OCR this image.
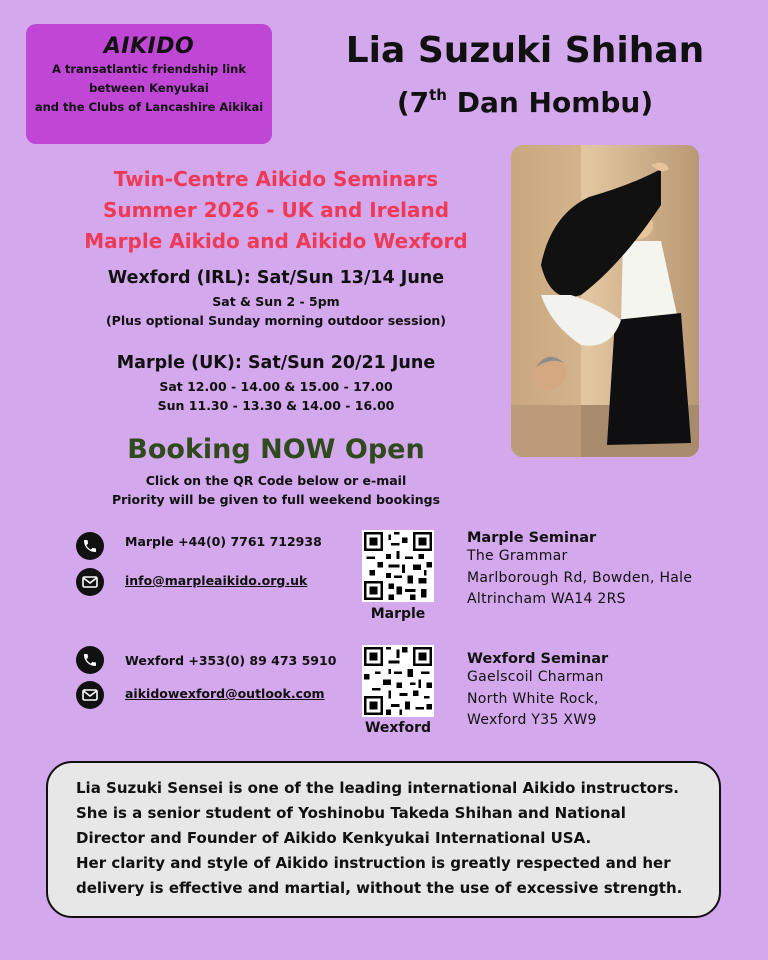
AIKIDO
A transatlantic friendship link
between Kenyukai
and the Clubs of Lancashire Aikikai
Lia Suzuki Shihan
(7th Dan Hombu)
Twin-Centre Aikido Seminars
Summer 2026 - UK and Ireland
Marple Aikido and Aikido Wexford
Wexford (IRL): Sat/Sun 13/14 June
Sat & Sun 2 - 5pm
(Plus optional Sunday morning outdoor session)
Marple (UK): Sat/Sun 20/21 June
Sat 12.00 - 14.00 & 15.00 - 17.00
Sun 11.30 - 13.30 & 14.00 - 16.00
Booking NOW Open
Click on the QR Code below or e-mail
Priority will be given to full weekend bookings
Marple +44(0) 7761 712938
info@marpleaikido.org.uk
Marple
Marple Seminar
The Grammar
Marlborough Rd, Bowden, Hale
Altrincham WA14 2RS
Wexford +353(0) 89 473 5910
aikidowexford@outlook.com
Wexford
Wexford Seminar
Gaelscoil Charman
North White Rock,
Wexford Y35 XW9
Lia Suzuki Sensei is one of the leading international Aikido instructors.
She is a senior student of Yoshinobu Takeda Shihan and National
Director and Founder of Aikido Kenkyukai International USA.
Her clarity and style of Aikido instruction is greatly respected and her
delivery is effective and martial, without the use of excessive strength.
